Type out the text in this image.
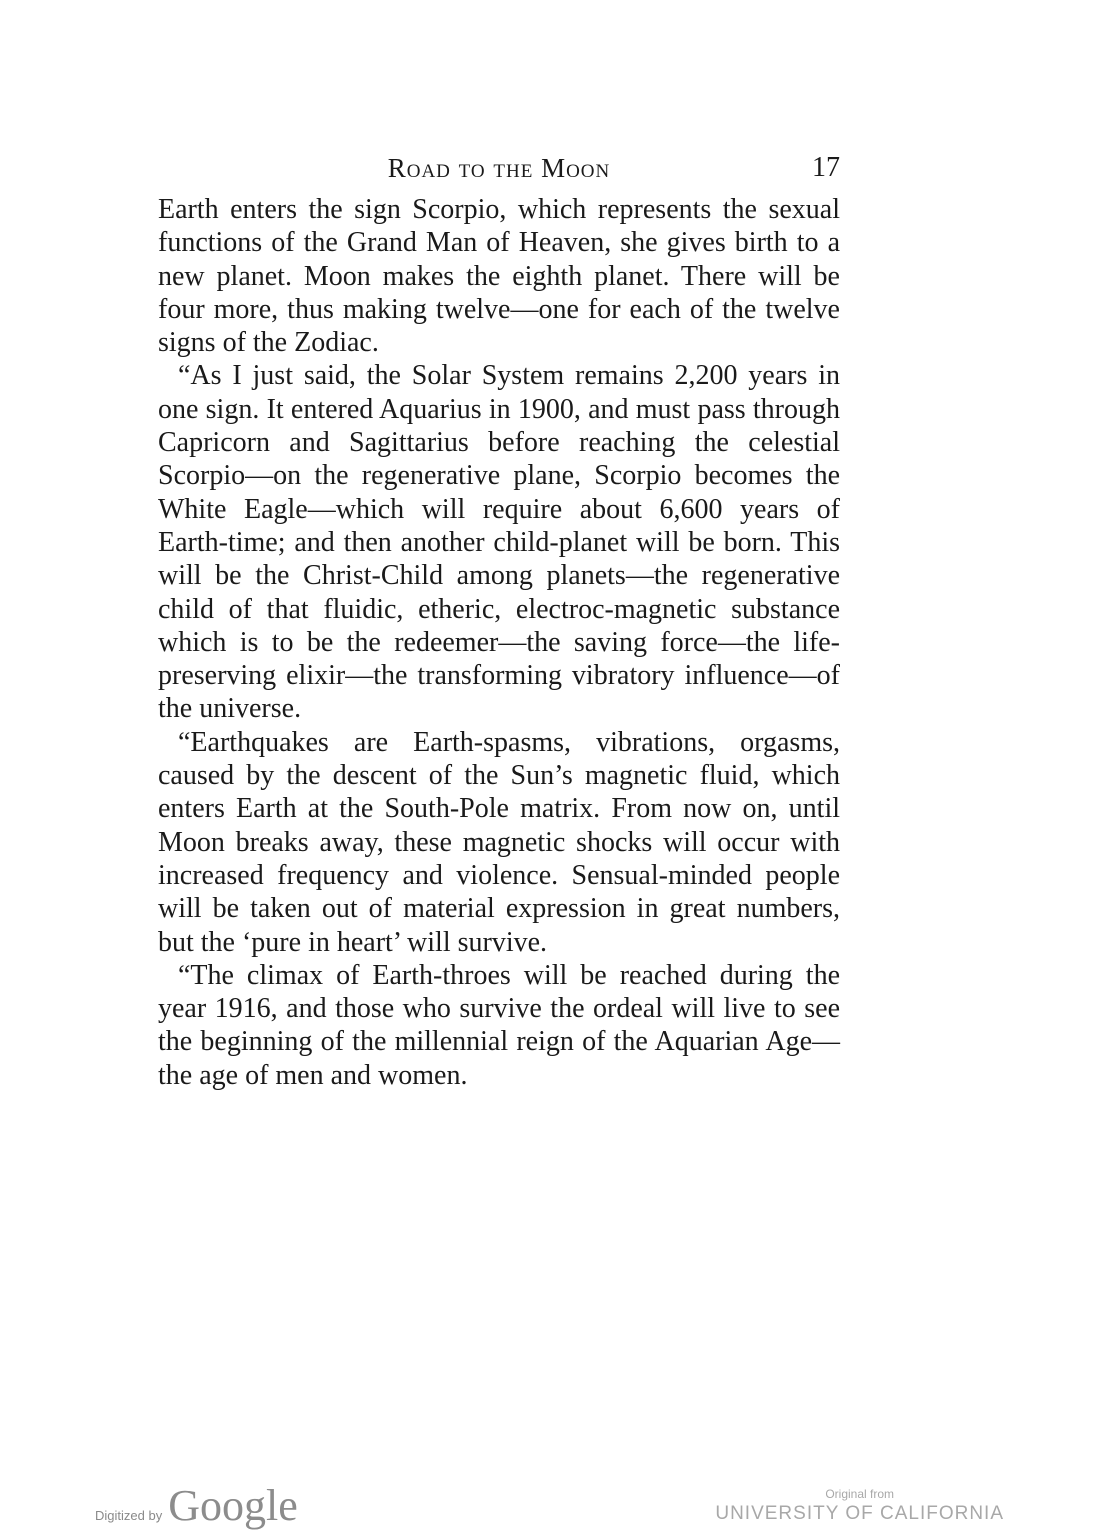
Road to the Moon	17

Earth enters the sign Scorpio, which represents the sexual functions of the Grand Man of Heaven, she gives birth to a new planet. Moon makes the eighth planet. There will be four more, thus making twelve—one for each of the twelve signs of the Zodiac.

“As I just said, the Solar System remains 2,200 years in one sign. It entered Aquarius in 1900, and must pass through Capricorn and Sagittarius before reaching the celestial Scorpio—on the regenerative plane, Scorpio becomes the White Eagle—which will require about 6,600 years of Earth-time; and then another child-planet will be born. This will be the Christ-Child among planets—the regenerative child of that fluidic, etheric, electroc-magnetic substance which is to be the redeemer—the saving force—the life-preserving elixir—the transforming vibratory influence—of the universe.

“Earthquakes are Earth-spasms, vibrations, orgasms, caused by the descent of the Sun’s magnetic fluid, which enters Earth at the South-Pole matrix. From now on, until Moon breaks away, these magnetic shocks will occur with increased frequency and violence. Sensual-minded people will be taken out of material expression in great numbers, but the ‘pure in heart’ will survive.

“The climax of Earth-throes will be reached during the year 1916, and those who survive the ordeal will live to see the beginning of the millennial reign of the Aquarian Age—the age of men and women.

Digitized by Google	Original from
UNIVERSITY OF CALIFORNIA
